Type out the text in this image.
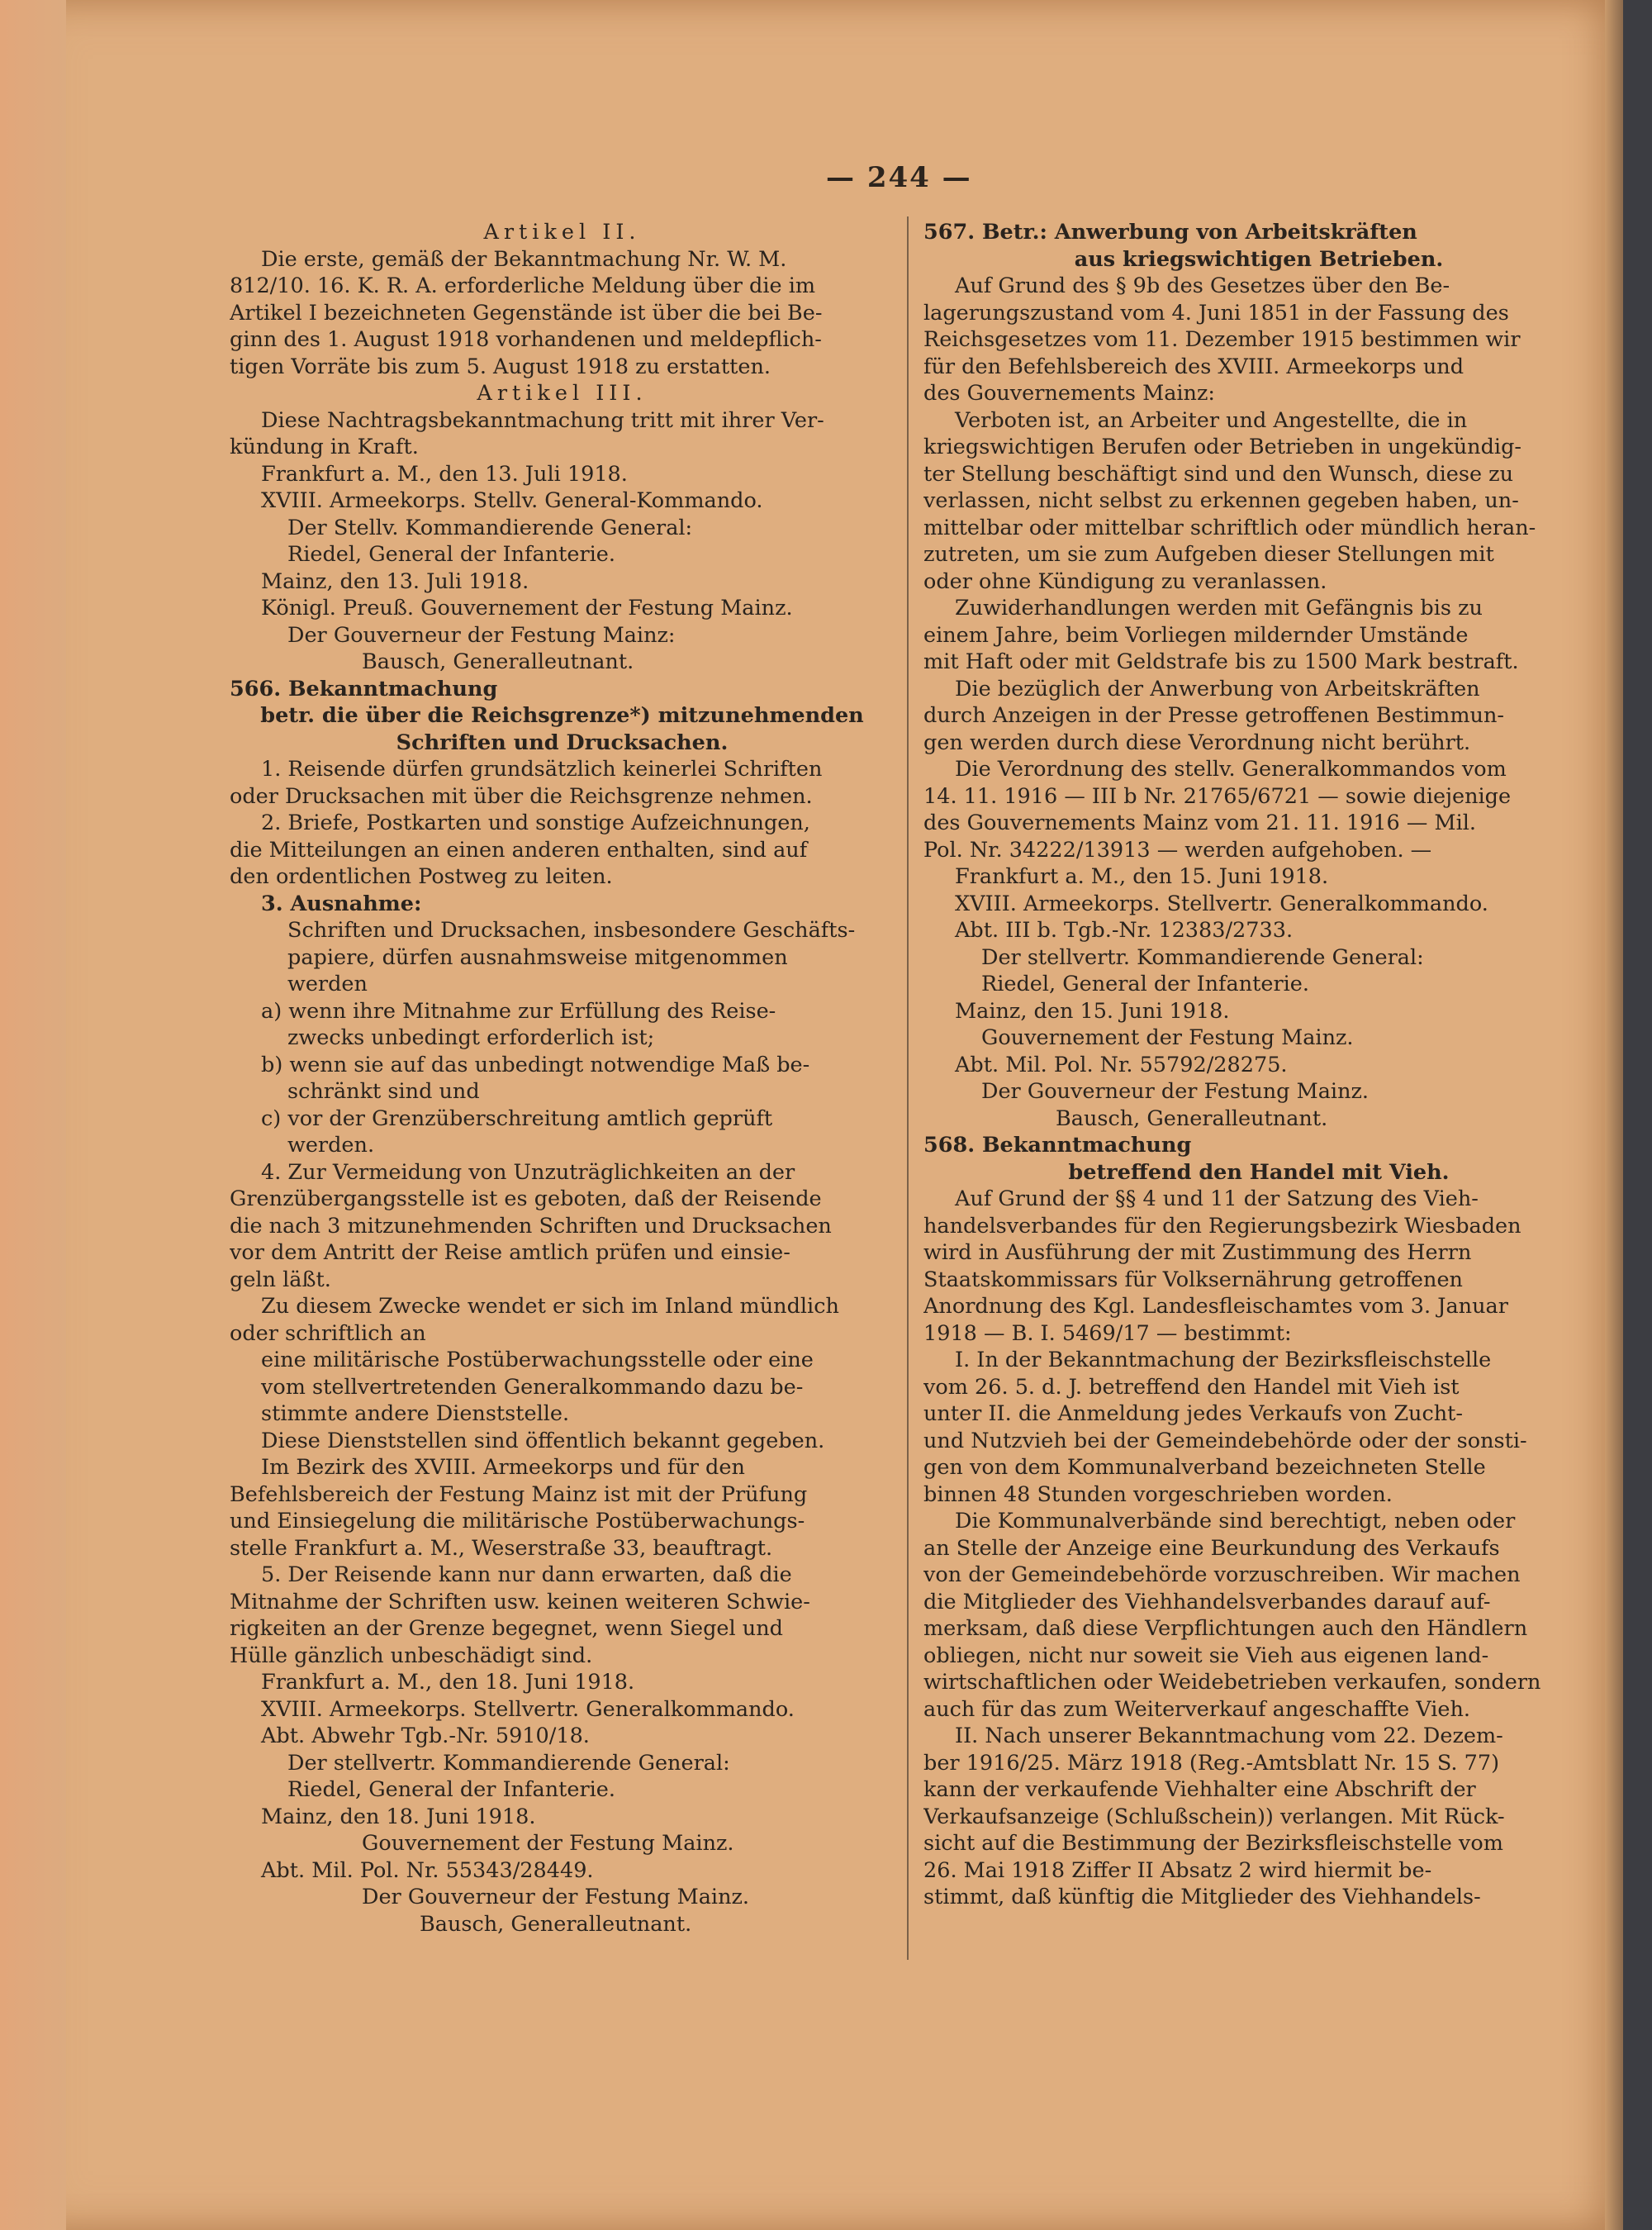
— 244 —

Artikel II.

Die erste, gemäß der Bekanntmachung Nr. W. M.

812/10. 16. K. R. A. erforderliche Meldung über die im

Artikel I bezeichneten Gegenstände ist über die bei Be-

ginn des 1. August 1918 vorhandenen und meldepflich-

tigen Vorräte bis zum 5. August 1918 zu erstatten.

Artikel III.

Diese Nachtragsbekanntmachung tritt mit ihrer Ver-

kündung in Kraft.

Frankfurt a. M., den 13. Juli 1918.

XVIII. Armeekorps. Stellv. General-Kommando.

Der Stellv. Kommandierende General:

Riedel, General der Infanterie.

Mainz, den 13. Juli 1918.

Königl. Preuß. Gouvernement der Festung Mainz.

Der Gouverneur der Festung Mainz:

Bausch, Generalleutnant.

566. Bekanntmachung

betr. die über die Reichsgrenze*) mitzunehmenden

Schriften und Drucksachen.

1. Reisende dürfen grundsätzlich keinerlei Schriften

oder Drucksachen mit über die Reichsgrenze nehmen.

2. Briefe, Postkarten und sonstige Aufzeichnungen,

die Mitteilungen an einen anderen enthalten, sind auf

den ordentlichen Postweg zu leiten.

3. Ausnahme:

Schriften und Drucksachen, insbesondere Geschäfts-

papiere, dürfen ausnahmsweise mitgenommen

werden

a) wenn ihre Mitnahme zur Erfüllung des Reise-

zwecks unbedingt erforderlich ist;

b) wenn sie auf das unbedingt notwendige Maß be-

schränkt sind und

c) vor der Grenzüberschreitung amtlich geprüft

werden.

4. Zur Vermeidung von Unzuträglichkeiten an der

Grenzübergangsstelle ist es geboten, daß der Reisende

die nach 3 mitzunehmenden Schriften und Drucksachen

vor dem Antritt der Reise amtlich prüfen und einsie-

geln läßt.

Zu diesem Zwecke wendet er sich im Inland mündlich

oder schriftlich an

eine militärische Postüberwachungsstelle oder eine

vom stellvertretenden Generalkommando dazu be-

stimmte andere Dienststelle.

Diese Dienststellen sind öffentlich bekannt gegeben.

Im Bezirk des XVIII. Armeekorps und für den

Befehlsbereich der Festung Mainz ist mit der Prüfung

und Einsiegelung die militärische Postüberwachungs-

stelle Frankfurt a. M., Weserstraße 33, beauftragt.

5. Der Reisende kann nur dann erwarten, daß die

Mitnahme der Schriften usw. keinen weiteren Schwie-

rigkeiten an der Grenze begegnet, wenn Siegel und

Hülle gänzlich unbeschädigt sind.

Frankfurt a. M., den 18. Juni 1918.

XVIII. Armeekorps. Stellvertr. Generalkommando.

Abt. Abwehr Tgb.-Nr. 5910/18.

Der stellvertr. Kommandierende General:

Riedel, General der Infanterie.

Mainz, den 18. Juni 1918.

Gouvernement der Festung Mainz.

Abt. Mil. Pol. Nr. 55343/28449.

Der Gouverneur der Festung Mainz.

Bausch, Generalleutnant.

567. Betr.: Anwerbung von Arbeitskräften

aus kriegswichtigen Betrieben.

Auf Grund des § 9b des Gesetzes über den Be-

lagerungszustand vom 4. Juni 1851 in der Fassung des

Reichsgesetzes vom 11. Dezember 1915 bestimmen wir

für den Befehlsbereich des XVIII. Armeekorps und

des Gouvernements Mainz:

Verboten ist, an Arbeiter und Angestellte, die in

kriegswichtigen Berufen oder Betrieben in ungekündig-

ter Stellung beschäftigt sind und den Wunsch, diese zu

verlassen, nicht selbst zu erkennen gegeben haben, un-

mittelbar oder mittelbar schriftlich oder mündlich heran-

zutreten, um sie zum Aufgeben dieser Stellungen mit

oder ohne Kündigung zu veranlassen.

Zuwiderhandlungen werden mit Gefängnis bis zu

einem Jahre, beim Vorliegen mildernder Umstände

mit Haft oder mit Geldstrafe bis zu 1500 Mark bestraft.

Die bezüglich der Anwerbung von Arbeitskräften

durch Anzeigen in der Presse getroffenen Bestimmun-

gen werden durch diese Verordnung nicht berührt.

Die Verordnung des stellv. Generalkommandos vom

14. 11. 1916 — III b Nr. 21765/6721 — sowie diejenige

des Gouvernements Mainz vom 21. 11. 1916 — Mil.

Pol. Nr. 34222/13913 — werden aufgehoben. —

Frankfurt a. M., den 15. Juni 1918.

XVIII. Armeekorps. Stellvertr. Generalkommando.

Abt. III b. Tgb.-Nr. 12383/2733.

Der stellvertr. Kommandierende General:

Riedel, General der Infanterie.

Mainz, den 15. Juni 1918.

Gouvernement der Festung Mainz.

Abt. Mil. Pol. Nr. 55792/28275.

Der Gouverneur der Festung Mainz.

Bausch, Generalleutnant.

568. Bekanntmachung

betreffend den Handel mit Vieh.

Auf Grund der §§ 4 und 11 der Satzung des Vieh-

handelsverbandes für den Regierungsbezirk Wiesbaden

wird in Ausführung der mit Zustimmung des Herrn

Staatskommissars für Volksernährung getroffenen

Anordnung des Kgl. Landesfleischamtes vom 3. Januar

1918 — B. I. 5469/17 — bestimmt:

I. In der Bekanntmachung der Bezirksfleischstelle

vom 26. 5. d. J. betreffend den Handel mit Vieh ist

unter II. die Anmeldung jedes Verkaufs von Zucht-

und Nutzvieh bei der Gemeindebehörde oder der sonsti-

gen von dem Kommunalverband bezeichneten Stelle

binnen 48 Stunden vorgeschrieben worden.

Die Kommunalverbände sind berechtigt, neben oder

an Stelle der Anzeige eine Beurkundung des Verkaufs

von der Gemeindebehörde vorzuschreiben. Wir machen

die Mitglieder des Viehhandelsverbandes darauf auf-

merksam, daß diese Verpflichtungen auch den Händlern

obliegen, nicht nur soweit sie Vieh aus eigenen land-

wirtschaftlichen oder Weidebetrieben verkaufen, sondern

auch für das zum Weiterverkauf angeschaffte Vieh.

II. Nach unserer Bekanntmachung vom 22. Dezem-

ber 1916/25. März 1918 (Reg.-Amtsblatt Nr. 15 S. 77)

kann der verkaufende Viehhalter eine Abschrift der

Verkaufsanzeige (Schlußschein)) verlangen. Mit Rück-

sicht auf die Bestimmung der Bezirksfleischstelle vom

26. Mai 1918 Ziffer II Absatz 2 wird hiermit be-

stimmt, daß künftig die Mitglieder des Viehhandels-
